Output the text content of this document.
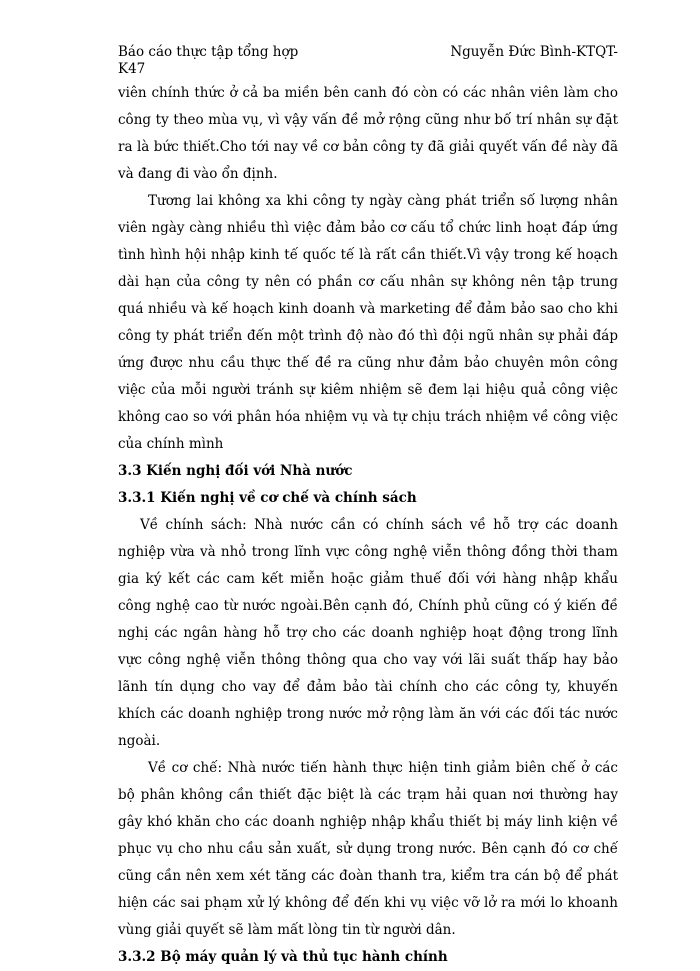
Báo cáo thực tập tổng hợp	Nguyễn Đức Bình-KTQT-
K47

viên chính thức ở cả ba miền bên canh đó còn có các nhân viên làm cho công ty theo mùa vụ, vì vậy vấn đề mở rộng cũng như bố trí nhân sự đặt ra là bức thiết.Cho tới nay về cơ bản công ty đã giải quyết vấn đề này đã và đang đi vào ổn định.

Tương lai không xa khi công ty ngày càng phát triển số lượng nhân viên ngày càng nhiều thì việc đảm bảo cơ cấu tổ chức linh hoạt đáp ứng tình hình hội nhập kinh tế quốc tế là rất cần thiết.Vì vậy trong kế hoạch dài hạn của công ty nên có phần cơ cấu nhân sự không nên tập trung quá nhiều và kế hoạch kinh doanh và marketing để đảm bảo sao cho khi công ty phát triển đến một trình độ nào đó thì đội ngũ nhân sự phải đáp ứng được nhu cầu thực thế đề ra cũng như đảm bảo chuyên môn công việc của mỗi người tránh sự kiêm nhiệm sẽ đem lại hiệu quả công việc không cao so với phân hóa nhiệm vụ và tự chịu trách nhiệm về công việc của chính mình

3.3 Kiến nghị đối với Nhà nước

3.3.1 Kiến nghị về cơ chế và chính sách

Về chính sách: Nhà nước cần có chính sách về hỗ trợ các doanh nghiệp vừa và nhỏ trong lĩnh vực công nghệ viễn thông đồng thời tham gia ký kết các cam kết miễn hoặc giảm thuế đối với hàng nhập khẩu công nghệ cao từ nước ngoài.Bên cạnh đó, Chính phủ cũng có ý kiến đề nghị các ngân hàng hỗ trợ cho các doanh nghiệp hoạt động trong lĩnh vực công nghệ viễn thông thông qua cho vay với lãi suất thấp hay bảo lãnh tín dụng cho vay để đảm bảo tài chính cho các công ty, khuyến khích các doanh nghiệp trong nước mở rộng làm ăn với các đối tác nước ngoài.

Về cơ chế: Nhà nước tiến hành thực hiện tinh giảm biên chế ở các bộ phân không cần thiết đặc biệt là các trạm hải quan nơi thường hay gây khó khăn cho các doanh nghiệp nhập khẩu thiết bị máy linh kiện về phục vụ cho nhu cầu sản xuất, sử dụng trong nước. Bên cạnh đó cơ chế cũng cần nên xem xét tăng các đoàn thanh tra, kiểm tra cán bộ để phát hiện các sai phạm xử lý không để đến khi vụ việc vỡ lở ra mới lo khoanh vùng giải quyết sẽ làm mất lòng tin từ người dân.

3.3.2 Bộ máy quản lý và thủ tục hành chính
